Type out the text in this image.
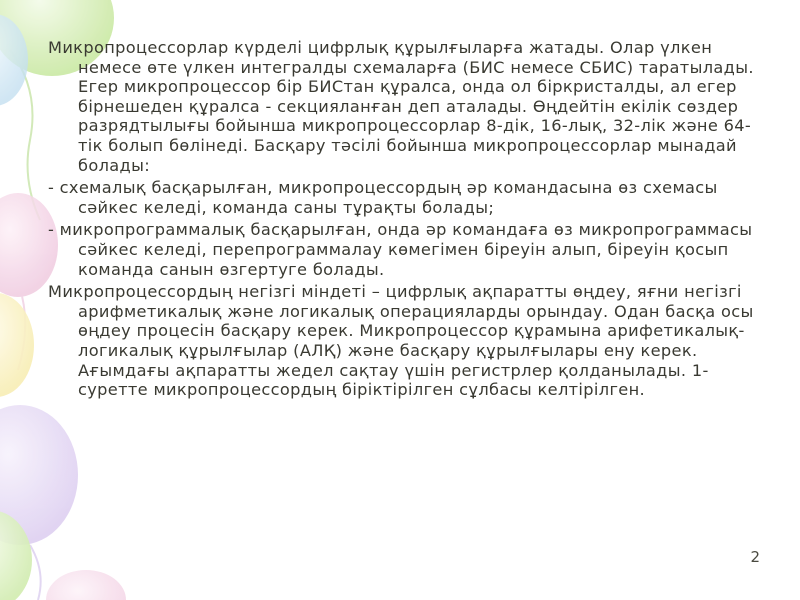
Микропроцессорлар күрделі цифрлық құрылғыларға жатады. Олар үлкен немесе өте үлкен интегралды схемаларға (БИС немесе СБИС) таратылады. Егер микропроцессор бір БИСтан құралса, онда ол біркристалды, ал егер бірнешеден құралса - секцияланған деп аталады. Өңдейтін екілік сөздер разрядтылығы бойынша микропроцессорлар 8-дік, 16-лық, 32-лік және 64-тік болып бөлінеді. Басқару тәсілі бойынша микропроцессорлар мынадай болады:

- схемалық басқарылған, микропроцессордың әр командасына өз схемасы сәйкес келеді, команда саны тұрақты болады;

- микропрограммалық басқарылған, онда әр командаға өз микропрограммасы сәйкес келеді, перепрограммалау көмегімен біреуін алып, біреуін қосып команда санын өзгертуге болады.

Микропроцессордың негізгі міндеті – цифрлық ақпаратты өңдеу, яғни негізгі арифметикалық және логикалық операцияларды орындау. Одан басқа осы өңдеу процесін басқару керек. Микропроцессор құрамына арифетикалық-логикалық құрылғылар (АЛҚ) және басқару құрылғылары ену керек. Ағымдағы ақпаратты жедел сақтау үшін регистрлер қолданылады. 1-суретте микропроцессордың біріктірілген сұлбасы келтірілген.

2
